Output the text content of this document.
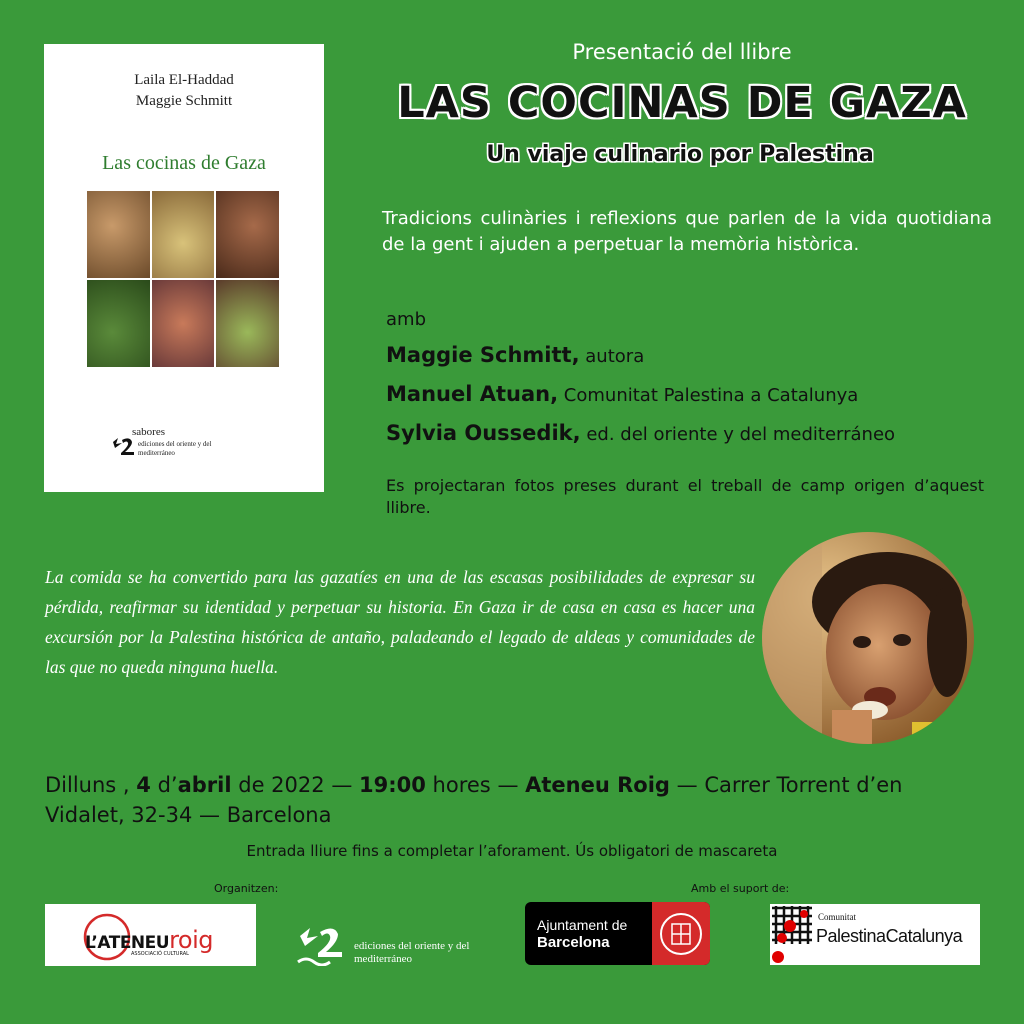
Laila El-Haddad
Maggie Schmitt
Las cocinas de Gaza
sabores
ediciones del oriente y del mediterráneo
Presentació del llibre
LAS COCINAS DE GAZA
Un viaje culinario por Palestina
Tradicions culinàries i reflexions que parlen de la vida quotidiana de la gent i ajuden a perpetuar la memòria històrica.
amb
Maggie Schmitt, autora
Manuel Atuan, Comunitat Palestina a Catalunya
Sylvia Oussedik, ed. del oriente y del mediterráneo
Es projectaran fotos preses durant el treball de camp origen d’aquest llibre.
La comida se ha convertido para las gazatíes en una de las escasas posibilidades de expresar su pérdida, reafirmar su identidad y perpetuar su historia. En Gaza ir de casa en casa es hacer una excursión por la Palestina histórica de antaño, paladeando el legado de aldeas y comunidades de las que no queda ninguna huella.
Dilluns , 4 d’abril de 2022 — 19:00 hores — Ateneu Roig — Carrer Torrent d’en Vidalet, 32-34 — Barcelona
Entrada lliure fins a completar l’aforament. Ús obligatori de mascareta
Organitzen:	Amb el suport de:
L’ATENEUroig
ASSOCIACIÓ CULTURAL
ediciones del oriente y del mediterráneo
Ajuntament de
Barcelona
Comunitat
PalestinaCatalunya
